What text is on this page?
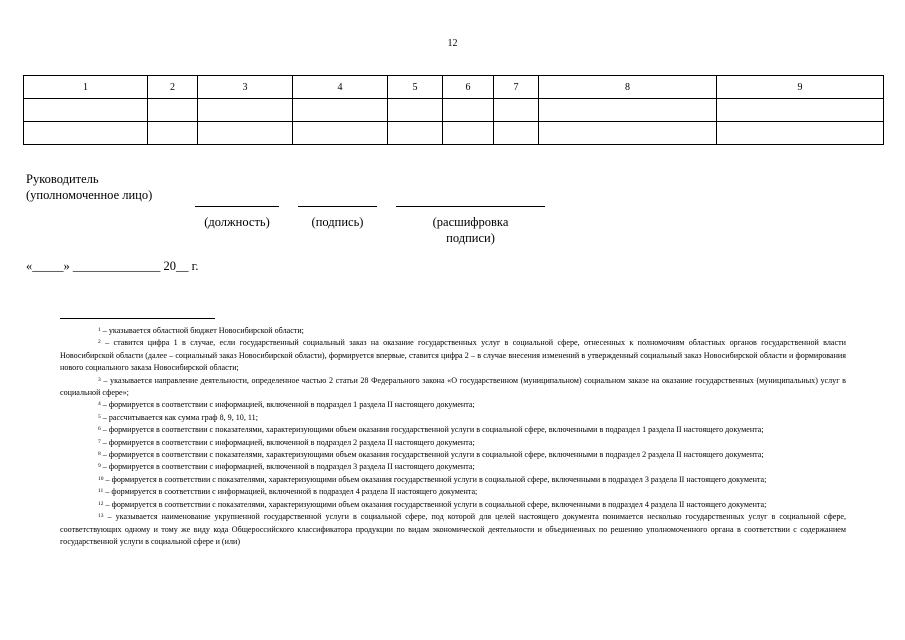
12
1	2	3	4	5	6	7	8	9

Руководитель
(уполномоченное лицо)
(должность)	(подпись)	(расшифровка
подписи)
«_____» ______________ 20__ г.
$^1$ – указывается областной бюджет Новосибирской области;
$^2$ – ставится цифра 1 в случае, если государственный социальный заказ на оказание государственных услуг в социальной сфере, отнесенных к полномочиям областных органов государственной власти Новосибирской области (далее – социальный заказ Новосибирской области), формируется впервые, ставится цифра 2 – в случае внесения изменений в утвержденный социальный заказ Новосибирской области и формирования нового социального заказа Новосибирской области;
$^3$ – указывается направление деятельности, определенное частью 2 статьи 28 Федерального закона «О государственном (муниципальном) социальном заказе на оказание государственных (муниципальных) услуг в социальной сфере»;
$^4$ – формируется в соответствии с информацией, включенной в подраздел 1 раздела II настоящего документа;
$^5$ – рассчитывается как сумма граф 8, 9, 10, 11;
$^6$ – формируется в соответствии с показателями, характеризующими объем оказания государственной услуги в социальной сфере, включенными в подраздел 1 раздела II настоящего документа;
$^7$ – формируется в соответствии с информацией, включенной в подраздел 2 раздела II настоящего документа;
$^8$ – формируется в соответствии с показателями, характеризующими объем оказания государственной услуги в социальной сфере, включенными в подраздел 2 раздела II настоящего документа;
$^9$ – формируется в соответствии с информацией, включенной в подраздел 3 раздела II настоящего документа;
$^{10}$ – формируется в соответствии с показателями, характеризующими объем оказания государственной услуги в социальной сфере, включенными в подраздел 3 раздела II настоящего документа;
$^{11}$ – формируется в соответствии с информацией, включенной в подраздел 4 раздела II настоящего документа;
$^{12}$ – формируется в соответствии с показателями, характеризующими объем оказания государственной услуги в социальной сфере, включенными в подраздел 4 раздела II настоящего документа;
$^{13}$ – указывается наименование укрупненной государственной услуги в социальной сфере, под которой для целей настоящего документа понимается несколько государственных услуг в социальной сфере, соответствующих одному и тому же виду кода Общероссийского классификатора продукции по видам экономической деятельности и объединенных по решению уполномоченного органа в соответствии с содержанием государственной услуги в социальной сфере и (или)
